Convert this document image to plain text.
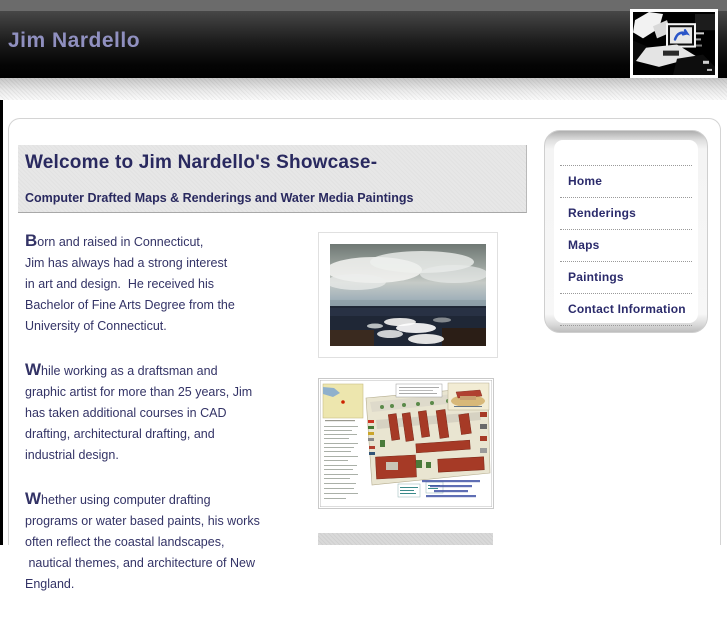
Jim Nardello
Welcome to Jim Nardello's Showcase-
Computer Drafted Maps & Renderings and Water Media Paintings

Born and raised in Connecticut,
Jim has always had a strong interest
in art and design.  He received his
Bachelor of Fine Arts Degree from the
University of Connecticut.

While working as a draftsman and
graphic artist for more than 25 years, Jim
has taken additional courses in CAD
drafting, architectural drafting, and
industrial design.

Whether using computer drafting
programs or water based paints, his works
often reflect the coastal landscapes,
nautical themes, and architecture of New
England.

Home
Renderings
Maps
Paintings
Contact Information
